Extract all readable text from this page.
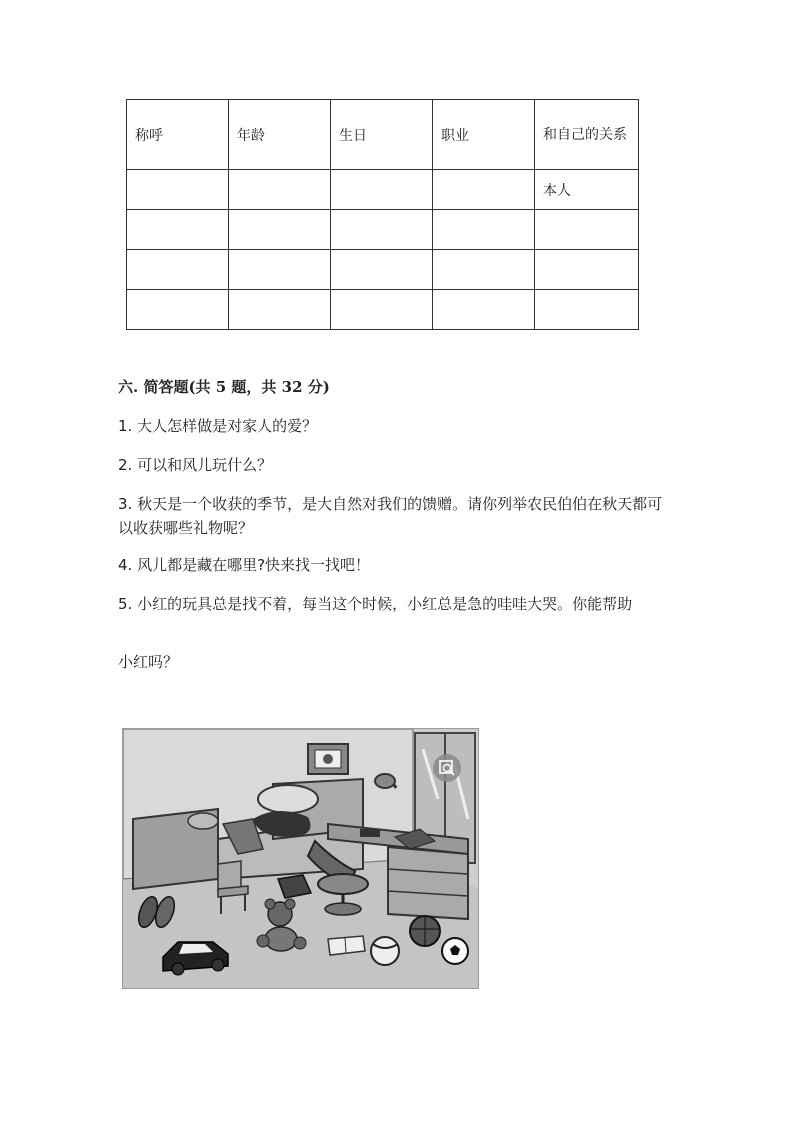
称呼	年龄	生日	职业	和自己的关系
				本人

六. 简答题(共 5 题，共 32 分)
1. 大人怎样做是对家人的爱？
2. 可以和风儿玩什么？
3. 秋天是一个收获的季节，是大自然对我们的馈赠。请你列举农民伯伯在秋天都可以收获哪些礼物呢？
4. 风儿都是藏在哪里?快来找一找吧！
5. 小红的玩具总是找不着，每当这个时候，小红总是急的哇哇大哭。你能帮助
小红吗？
